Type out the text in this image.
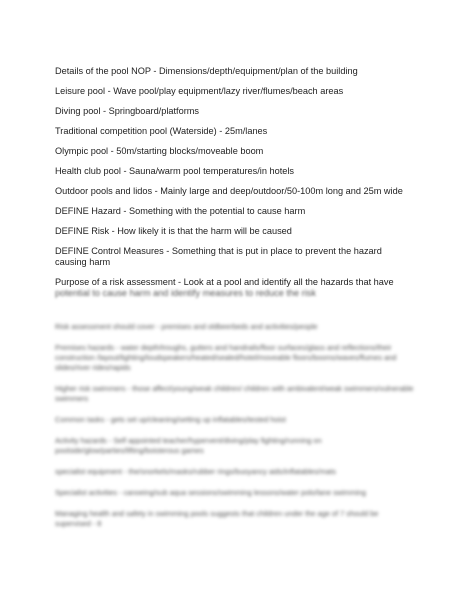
Details of the pool NOP - Dimensions/depth/equipment/plan of the building

Leisure pool - Wave pool/play equipment/lazy river/flumes/beach areas

Diving pool - Springboard/platforms

Traditional competition pool (Waterside) - 25m/lanes

Olympic pool - 50m/starting blocks/moveable boom

Health club pool - Sauna/warm pool temperatures/in hotels

Outdoor pools and lidos - Mainly large and deep/outdoor/50-100m long and 25m wide

DEFINE Hazard - Something with the potential to cause harm

DEFINE Risk - How likely it is that the harm will be caused

DEFINE Control Measures - Something that is put in place to prevent the hazard causing harm

Purpose of a risk assessment - Look at a pool and identify all the hazards that have
potential to cause harm and identify measures to reduce the risk

Risk assessment should cover - premises and oldbeerbeds and activities/people

Premises hazards - water depth/troughs, gutters and handrails/floor surfaces/glass and reflections/their construction /layout/lighting/loudspeakers/heated/sealed/hotel/moveable floors/booms/waves/flumes and slides/river rides/rapids

Higher risk swimmers - those affect/young/weak children/ children with ambivalent/weak swimmers/vulnerable swimmers

Common tasks - gets set up/cleaning/setting up inflatables/tested hoist

Activity hazards - Self appointed teacher/hypervent/diving/play fighting/running on poolside/glow/parties/lifting/boisterous games

specialist equipment - the/snorkels/masks/rubber rings/buoyancy aids/inflatables/mats

Specialist activities - canoeing/sub aqua sessions/swimming lessons/water polo/lane swimming

Managing health and safety in swimming pools suggests that children under the age of 7 should be supervised - 8
